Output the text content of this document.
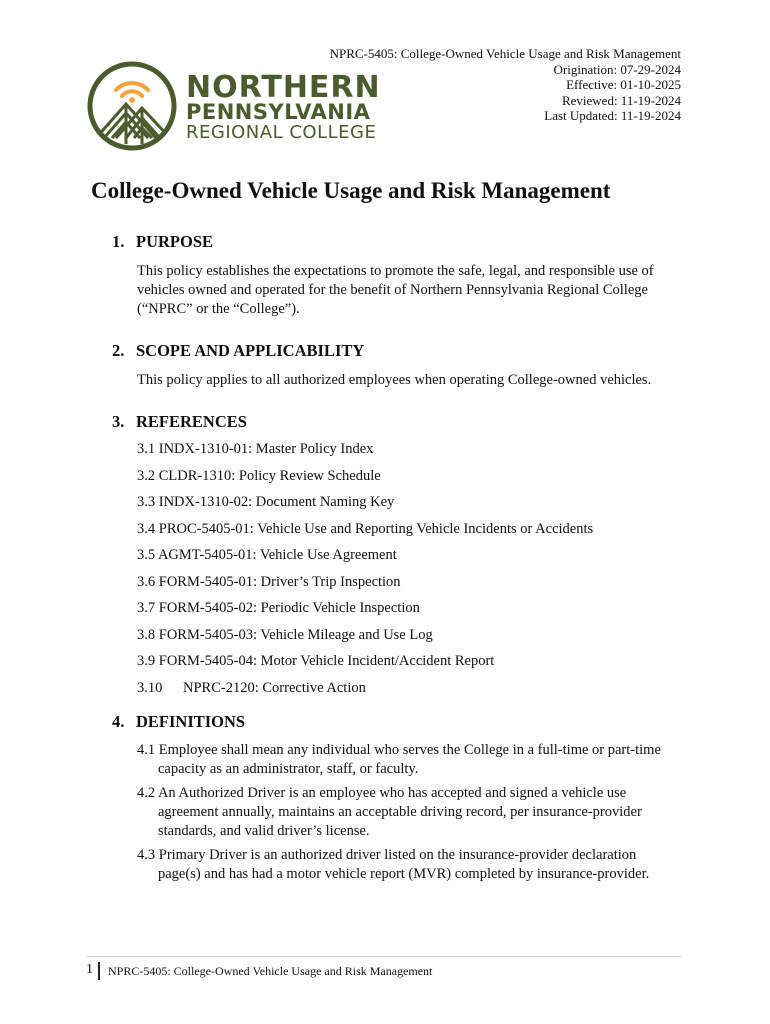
NORTHERN
PENNSYLVANIA
REGIONAL COLLEGE
NPRC-5405: College-Owned Vehicle Usage and Risk Management
Origination: 07-29-2024
Effective: 01-10-2025
Reviewed: 11-19-2024
Last Updated: 11-19-2024
College-Owned Vehicle Usage and Risk Management
1. PURPOSE

This policy establishes the expectations to promote the safe, legal, and responsible use of vehicles owned and operated for the benefit of Northern Pennsylvania Regional College (“NPRC” or the “College”).

2. SCOPE AND APPLICABILITY

This policy applies to all authorized employees when operating College-owned vehicles.

3. REFERENCES
3.1 INDX-1310-01: Master Policy Index
3.2 CLDR-1310: Policy Review Schedule
3.3 INDX-1310-02: Document Naming Key
3.4 PROC-5405-01: Vehicle Use and Reporting Vehicle Incidents or Accidents
3.5 AGMT-5405-01: Vehicle Use Agreement
3.6 FORM-5405-01: Driver’s Trip Inspection
3.7 FORM-5405-02: Periodic Vehicle Inspection
3.8 FORM-5405-03: Vehicle Mileage and Use Log
3.9 FORM-5405-04: Motor Vehicle Incident/Accident Report
3.10 NPRC-2120: Corrective Action
4. DEFINITIONS
4.1 Employee shall mean any individual who serves the College in a full-time or part-time capacity as an administrator, staff, or faculty.
4.2 An Authorized Driver is an employee who has accepted and signed a vehicle use agreement annually, maintains an acceptable driving record, per insurance-provider standards, and valid driver’s license.
4.3 Primary Driver is an authorized driver listed on the insurance-provider declaration page(s) and has had a motor vehicle report (MVR) completed by insurance-provider.
1 NPRC-5405: College-Owned Vehicle Usage and Risk Management
